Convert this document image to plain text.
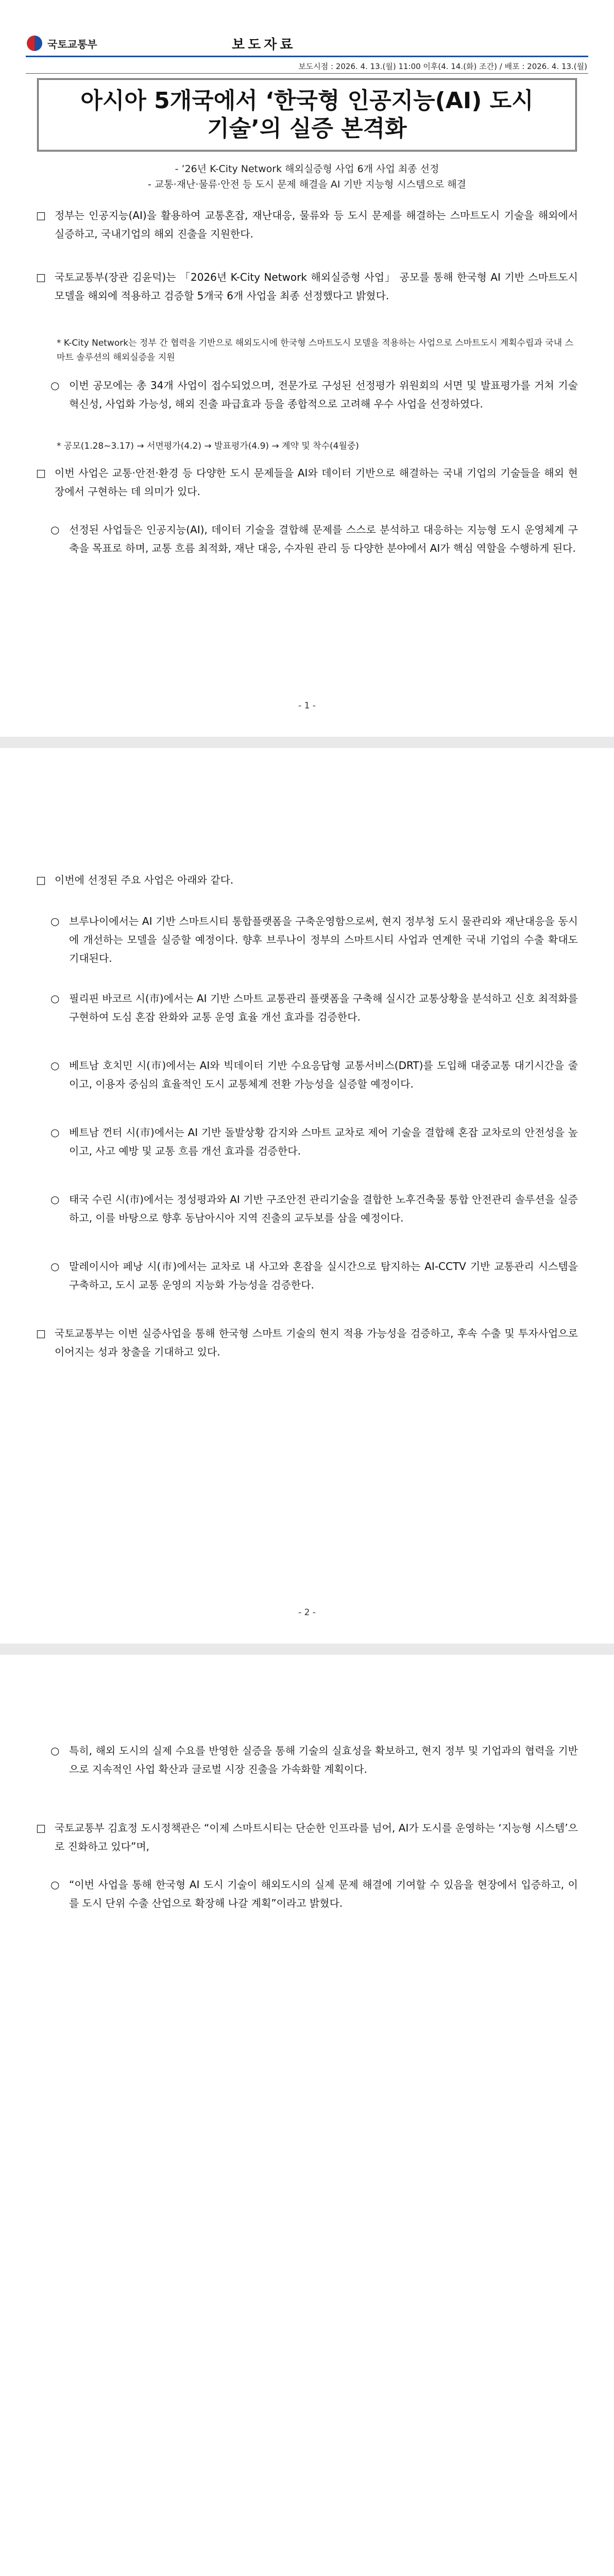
국토교통부	보도자료
보도시점 : 2026. 4. 13.(월) 11:00 이후(4. 14.(화) 조간) / 배포 : 2026. 4. 13.(월)
아시아 5개국에서 ‘한국형 인공지능(AI) 도시
기술’의 실증 본격화
- ’26년 K-City Network 해외실증형 사업 6개 사업 최종 선정
- 교통·재난·물류·안전 등 도시 문제 해결을 AI 기반 지능형 시스템으로 해결
□ 정부는 인공지능(AI)을 활용하여 교통혼잡, 재난대응, 물류와 등 도시 문제를 해결하는 스마트도시 기술을 해외에서 실증하고, 국내기업의 해외 진출을 지원한다.
□ 국토교통부(장관 김윤덕)는 「2026년 K-City Network 해외실증형 사업」 공모를 통해 한국형 AI 기반 스마트도시 모델을 해외에 적용하고 검증할 5개국 6개 사업을 최종 선정했다고 밝혔다.
* K-City Network는 정부 간 협력을 기반으로 해외도시에 한국형 스마트도시 모델을 적용하는 사업으로 스마트도시 계획수립과 국내 스마트 솔루션의 해외실증을 지원
○ 이번 공모에는 총 34개 사업이 접수되었으며, 전문가로 구성된 선정평가 위원회의 서면 및 발표평가를 거쳐 기술 혁신성, 사업화 가능성, 해외 진출 파급효과 등을 종합적으로 고려해 우수 사업을 선정하였다.
* 공모(1.28~3.17) → 서면평가(4.2) → 발표평가(4.9) → 계약 및 착수(4월중)
□ 이번 사업은 교통·안전·환경 등 다양한 도시 문제들을 AI와 데이터 기반으로 해결하는 국내 기업의 기술들을 해외 현장에서 구현하는 데 의미가 있다.
○ 선정된 사업들은 인공지능(AI), 데이터 기술을 결합해 문제를 스스로 분석하고 대응하는 지능형 도시 운영체계 구축을 목표로 하며, 교통 흐름 최적화, 재난 대응, 수자원 관리 등 다양한 분야에서 AI가 핵심 역할을 수행하게 된다.
- 1 -
□ 이번에 선정된 주요 사업은 아래와 같다.
○ 브루나이에서는 AI 기반 스마트시티 통합플랫폼을 구축운영함으로써, 현지 정부청 도시 물관리와 재난대응을 동시에 개선하는 모델을 실증할 예정이다. 향후 브루나이 정부의 스마트시티 사업과 연계한 국내 기업의 수출 확대도 기대된다.
○ 필리핀 바코르 시(市)에서는 AI 기반 스마트 교통관리 플랫폼을 구축해 실시간 교통상황을 분석하고 신호 최적화를 구현하여 도심 혼잡 완화와 교통 운영 효율 개선 효과를 검증한다.
○ 베트남 호치민 시(市)에서는 AI와 빅데이터 기반 수요응답형 교통서비스(DRT)를 도입해 대중교통 대기시간을 줄이고, 이용자 중심의 효율적인 도시 교통체계 전환 가능성을 실증할 예정이다.
○ 베트남 껀터 시(市)에서는 AI 기반 돌발상황 감지와 스마트 교차로 제어 기술을 결합해 혼잡 교차로의 안전성을 높이고, 사고 예방 및 교통 흐름 개선 효과를 검증한다.
○ 태국 수린 시(市)에서는 정성평과와 AI 기반 구조안전 관리기술을 결합한 노후건축물 통합 안전관리 솔루션을 실증하고, 이를 바탕으로 향후 동남아시아 지역 진출의 교두보를 삼을 예정이다.
○ 말레이시아 페낭 시(市)에서는 교차로 내 사고와 혼잡을 실시간으로 탐지하는 AI-CCTV 기반 교통관리 시스템을 구축하고, 도시 교통 운영의 지능화 가능성을 검증한다.
□ 국토교통부는 이번 실증사업을 통해 한국형 스마트 기술의 현지 적용 가능성을 검증하고, 후속 수출 및 투자사업으로 이어지는 성과 창출을 기대하고 있다.
- 2 -
○ 특히, 해외 도시의 실제 수요를 반영한 실증을 통해 기술의 실효성을 확보하고, 현지 정부 및 기업과의 협력을 기반으로 지속적인 사업 확산과 글로벌 시장 진출을 가속화할 계획이다.
□ 국토교통부 김효정 도시정책관은 “이제 스마트시티는 단순한 인프라를 넘어, AI가 도시를 운영하는 ‘지능형 시스템’으로 진화하고 있다”며,
○ “이번 사업을 통해 한국형 AI 도시 기술이 해외도시의 실제 문제 해결에 기여할 수 있음을 현장에서 입증하고, 이를 도시 단위 수출 산업으로 확장해 나갈 계획”이라고 밝혔다.
